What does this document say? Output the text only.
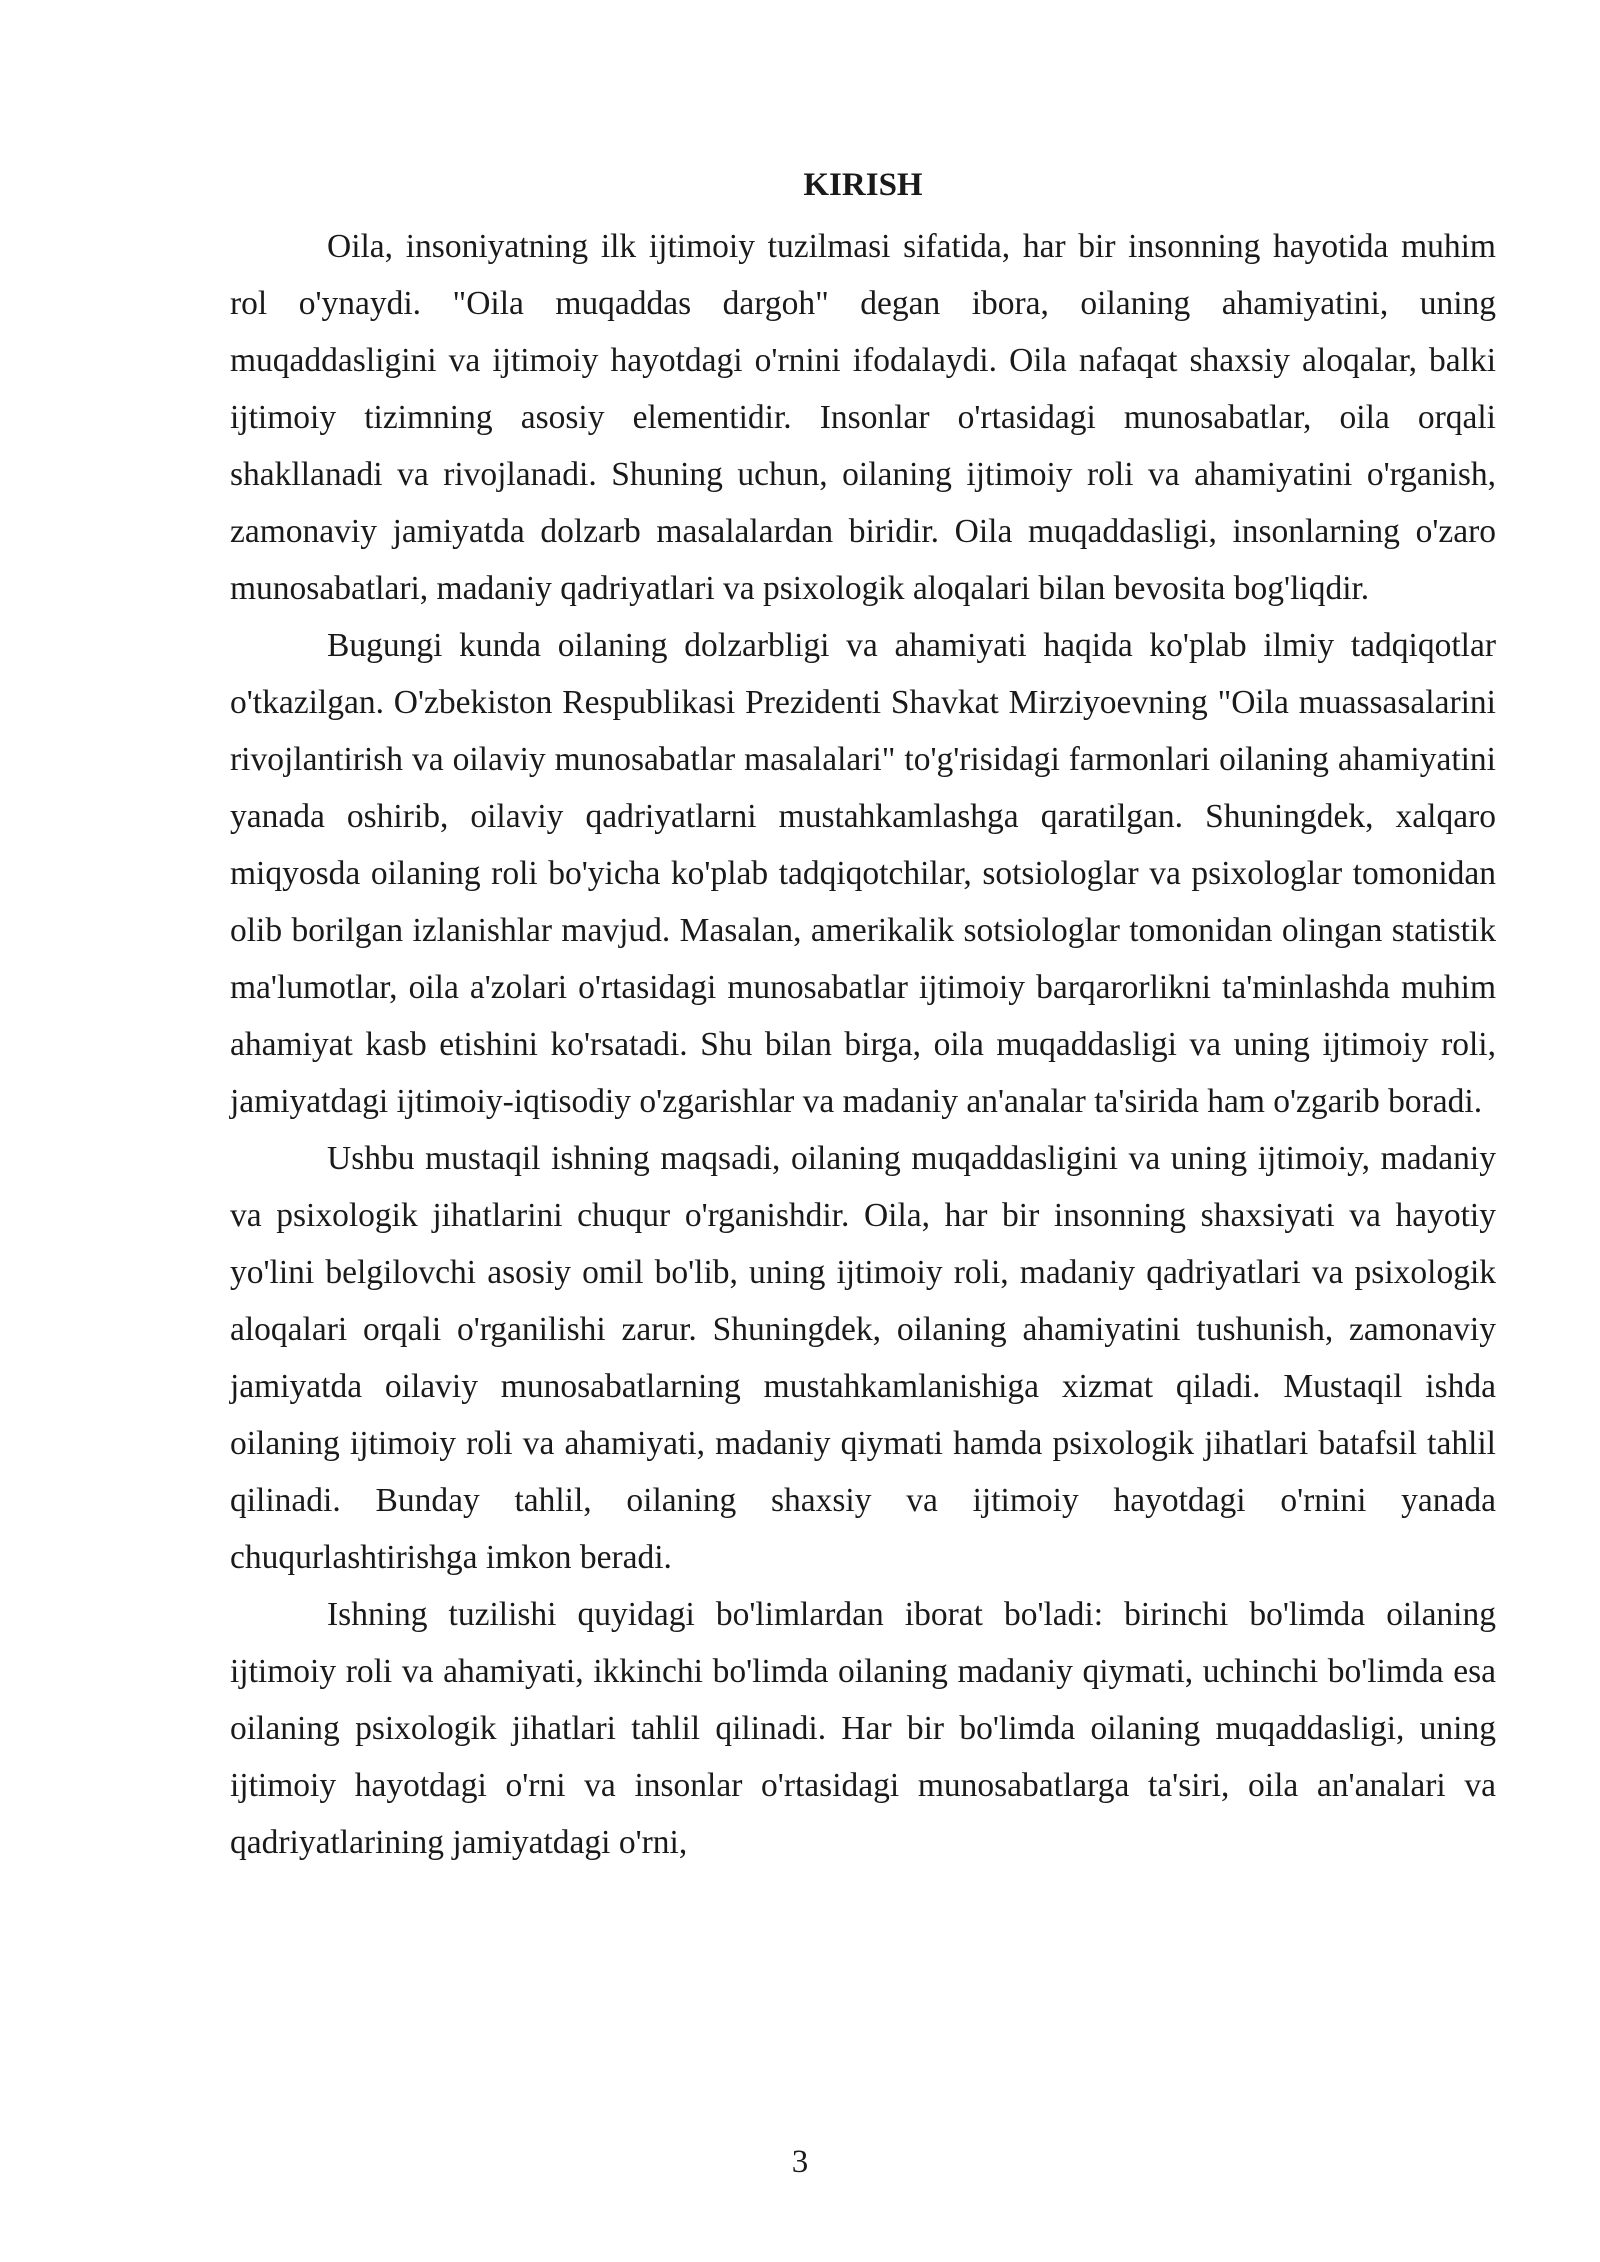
KIRISH

Oila, insoniyatning ilk ijtimoiy tuzilmasi sifatida, har bir insonning hayotida muhim rol o'ynaydi. "Oila muqaddas dargoh" degan ibora, oilaning ahamiyatini, uning muqaddasligini va ijtimoiy hayotdagi o'rnini ifodalaydi. Oila nafaqat shaxsiy aloqalar, balki ijtimoiy tizimning asosiy elementidir. Insonlar o'rtasidagi munosabatlar, oila orqali shakllanadi va rivojlanadi. Shuning uchun, oilaning ijtimoiy roli va ahamiyatini o'rganish, zamonaviy jamiyatda dolzarb masalalardan biridir. Oila muqaddasligi, insonlarning o'zaro munosabatlari, madaniy qadriyatlari va psixologik aloqalari bilan bevosita bog'liqdir.

Bugungi kunda oilaning dolzarbligi va ahamiyati haqida ko'plab ilmiy tadqiqotlar o'tkazilgan. O'zbekiston Respublikasi Prezidenti Shavkat Mirziyoevning "Oila muassasalarini rivojlantirish va oilaviy munosabatlar masalalari" to'g'risidagi farmonlari oilaning ahamiyatini yanada oshirib, oilaviy qadriyatlarni mustahkamlashga qaratilgan. Shuningdek, xalqaro miqyosda oilaning roli bo'yicha ko'plab tadqiqotchilar, sotsiologlar va psixologlar tomonidan olib borilgan izlanishlar mavjud. Masalan, amerikalik sotsiologlar tomonidan olingan statistik ma'lumotlar, oila a'zolari o'rtasidagi munosabatlar ijtimoiy barqarorlikni ta'minlashda muhim ahamiyat kasb etishini ko'rsatadi. Shu bilan birga, oila muqaddasligi va uning ijtimoiy roli, jamiyatdagi ijtimoiy-iqtisodiy o'zgarishlar va madaniy an'analar ta'sirida ham o'zgarib boradi.

Ushbu mustaqil ishning maqsadi, oilaning muqaddasligini va uning ijtimoiy, madaniy va psixologik jihatlarini chuqur o'rganishdir. Oila, har bir insonning shaxsiyati va hayotiy yo'lini belgilovchi asosiy omil bo'lib, uning ijtimoiy roli, madaniy qadriyatlari va psixologik aloqalari orqali o'rganilishi zarur. Shuningdek, oilaning ahamiyatini tushunish, zamonaviy jamiyatda oilaviy munosabatlarning mustahkamlanishiga xizmat qiladi. Mustaqil ishda oilaning ijtimoiy roli va ahamiyati, madaniy qiymati hamda psixologik jihatlari batafsil tahlil qilinadi. Bunday tahlil, oilaning shaxsiy va ijtimoiy hayotdagi o'rnini yanada chuqurlashtirishga imkon beradi.

Ishning tuzilishi quyidagi bo'limlardan iborat bo'ladi: birinchi bo'limda oilaning ijtimoiy roli va ahamiyati, ikkinchi bo'limda oilaning madaniy qiymati, uchinchi bo'limda esa oilaning psixologik jihatlari tahlil qilinadi. Har bir bo'limda oilaning muqaddasligi, uning ijtimoiy hayotdagi o'rni va insonlar o'rtasidagi munosabatlarga ta'siri, oila an'analari va qadriyatlarining jamiyatdagi o'rni,

3
